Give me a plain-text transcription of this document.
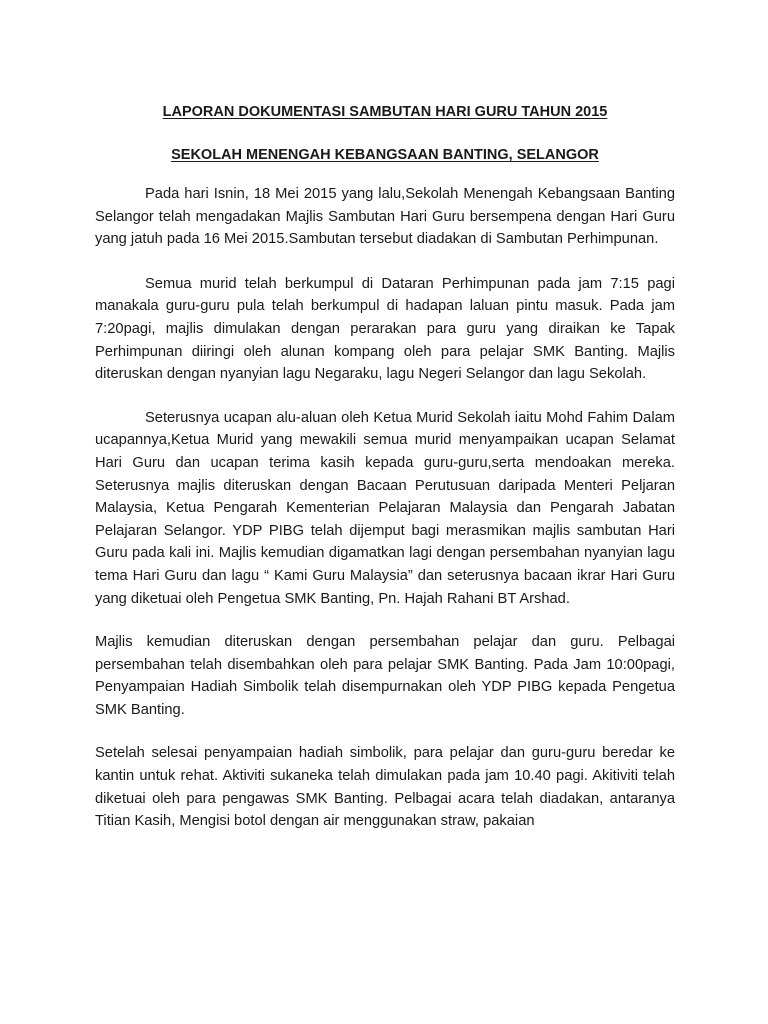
LAPORAN DOKUMENTASI SAMBUTAN HARI GURU TAHUN 2015
SEKOLAH MENENGAH KEBANGSAAN BANTING, SELANGOR

Pada hari Isnin, 18 Mei 2015 yang lalu,Sekolah Menengah Kebangsaan Banting Selangor telah mengadakan Majlis Sambutan Hari Guru bersempena dengan Hari Guru yang jatuh pada 16 Mei 2015.Sambutan tersebut diadakan di Sambutan Perhimpunan.

Semua murid telah berkumpul di Dataran Perhimpunan pada jam 7:15 pagi manakala guru-guru pula telah berkumpul di hadapan laluan pintu masuk. Pada jam 7:20pagi, majlis dimulakan dengan perarakan para guru yang diraikan ke Tapak Perhimpunan diiringi oleh alunan kompang oleh para pelajar SMK Banting. Majlis diteruskan dengan nyanyian lagu Negaraku, lagu Negeri Selangor dan lagu Sekolah.

Seterusnya ucapan alu-aluan oleh Ketua Murid Sekolah iaitu Mohd Fahim Dalam ucapannya,Ketua Murid yang mewakili semua murid menyampaikan ucapan Selamat Hari Guru dan ucapan terima kasih kepada guru-guru,serta mendoakan mereka. Seterusnya majlis diteruskan dengan Bacaan Perutusuan daripada Menteri Peljaran Malaysia, Ketua Pengarah Kementerian Pelajaran Malaysia dan Pengarah Jabatan Pelajaran Selangor. YDP PIBG telah dijemput bagi merasmikan majlis sambutan Hari Guru pada kali ini. Majlis kemudian digamatkan lagi dengan persembahan nyanyian lagu tema Hari Guru dan lagu “ Kami Guru Malaysia” dan seterusnya bacaan ikrar Hari Guru yang diketuai oleh Pengetua SMK Banting, Pn. Hajah Rahani BT Arshad.

Majlis kemudian diteruskan dengan persembahan pelajar dan guru. Pelbagai persembahan telah disembahkan oleh para pelajar SMK Banting. Pada Jam 10:00pagi, Penyampaian Hadiah Simbolik telah disempurnakan oleh YDP PIBG kepada Pengetua SMK Banting.

Setelah selesai penyampaian hadiah simbolik, para pelajar dan guru-guru beredar ke kantin untuk rehat. Aktiviti sukaneka telah dimulakan pada jam 10.40 pagi. Akitiviti telah diketuai oleh para pengawas SMK Banting. Pelbagai acara telah diadakan, antaranya Titian Kasih, Mengisi botol dengan air menggunakan straw, pakaian
